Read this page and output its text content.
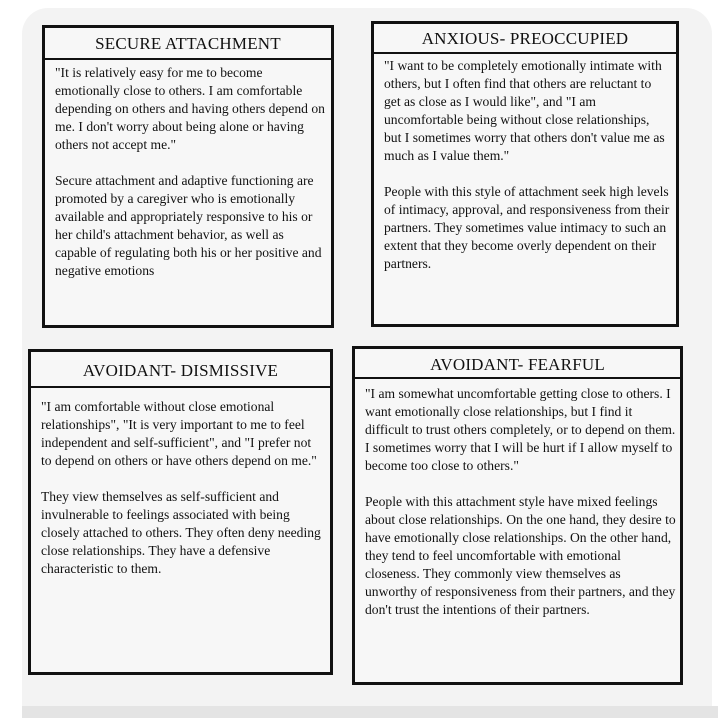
SECURE ATTACHMENT

"It is relatively easy for me to become emotionally close to others. I am comfortable depending on others and having others depend on me. I don't worry about being alone or having others not accept me."

Secure attachment and adaptive functioning are promoted by a caregiver who is emotionally available and appropriately responsive to his or her child's attachment behavior, as well as capable of regulating both his or her positive and negative emotions

ANXIOUS- PREOCCUPIED

"I want to be completely emotionally intimate with others, but I often find that others are reluctant to get as close as I would like", and "I am uncomfortable being without close relationships, but I sometimes worry that others don't value me as much as I value them."

People with this style of attachment seek high levels of intimacy, approval, and responsiveness from their partners. They sometimes value intimacy to such an extent that they become overly dependent on their partners.

AVOIDANT- DISMISSIVE

"I am comfortable without close emotional relationships", "It is very important to me to feel independent and self-sufficient", and "I prefer not to depend on others or have others depend on me."

They view themselves as self-sufficient and invulnerable to feelings associated with being closely attached to others. They often deny needing close relationships. They have a defensive characteristic to them.

AVOIDANT- FEARFUL

"I am somewhat uncomfortable getting close to others. I want emotionally close relationships, but I find it difficult to trust others completely, or to depend on them. I sometimes worry that I will be hurt if I allow myself to become too close to others."

People with this attachment style have mixed feelings about close relationships. On the one hand, they desire to have emotionally close relationships. On the other hand, they tend to feel uncomfortable with emotional closeness. They commonly view themselves as unworthy of responsiveness from their partners, and they don't trust the intentions of their partners.
